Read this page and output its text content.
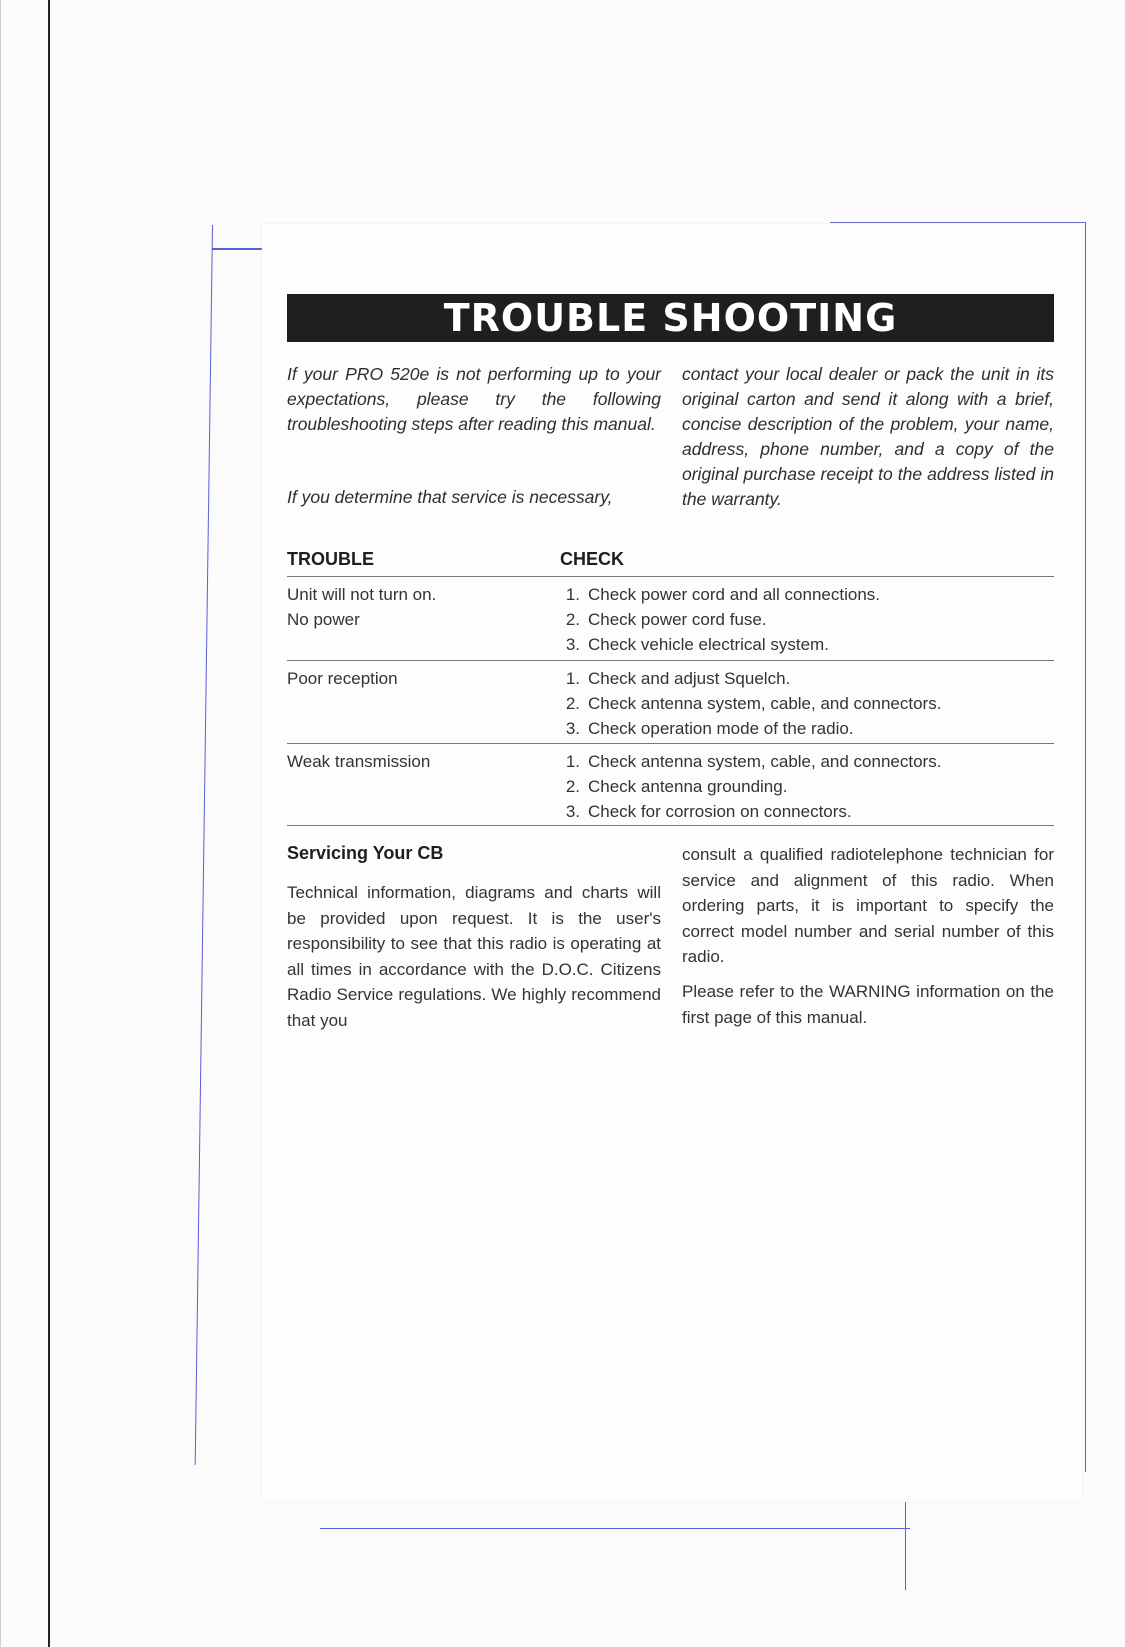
TROUBLE SHOOTING

If your PRO 520e is not performing up to your expectations, please try the following troubleshooting steps after reading this manual.

If you determine that service is necessary,

contact your local dealer or pack the unit in its original carton and send it along with a brief, concise description of the problem, your name, address, phone number, and a copy of the original purchase receipt to the address listed in the warranty.

TROUBLE	CHECK
Unit will not turn on.
No power
1. Check power cord and all connections.
2. Check power cord fuse.
3. Check vehicle electrical system.
Poor reception	1. Check and adjust Squelch.
2. Check antenna system, cable, and connectors.
3. Check operation mode of the radio.
Weak transmission	1. Check antenna system, cable, and connectors.
2. Check antenna grounding.
3. Check for corrosion on connectors.
Servicing Your CB

Technical information, diagrams and charts will be provided upon request. It is the user's responsibility to see that this radio is operating at all times in accordance with the D.O.C. Citizens Radio Service regulations. We highly recommend that you

consult a qualified radiotelephone technician for service and alignment of this radio. When ordering parts, it is important to specify the correct model number and serial number of this radio.

Please refer to the WARNING information on the first page of this manual.
